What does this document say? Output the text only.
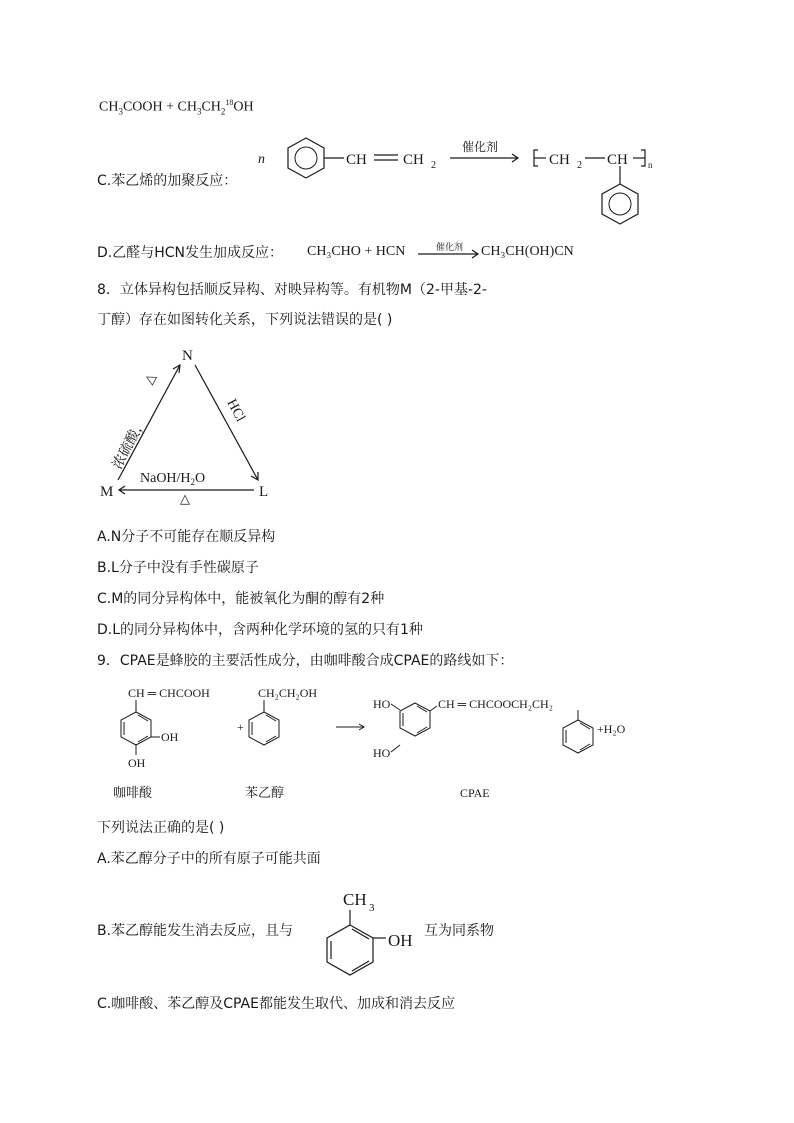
$CH_3COOH + CH_3CH_2^{18}OH$
C.苯乙烯的加聚反应：
n	CH CH 2
催化剂
CH 2 CH n
D.乙醛与HCN发生加成反应： CH₃CHO + HCN	催化剂 CH₃CH(OH)CN
8．立体异构包括顺反异构、对映异构等。有机物M（2-甲基-2-
丁醇）存在如图转化关系，下列说法错误的是( )
N
M	L
浓硫酸，
△
HCl
NaOH/$H_2O$
△
A.N分子不可能存在顺反异构
B.L分子中没有手性碳原子
C.M的同分异构体中，能被氧化为酮的醇有2种
D.L的同分异构体中，含两种化学环境的氢的只有1种
9．CPAE是蜂胶的主要活性成分，由咖啡酸合成CPAE的路线如下：
CH ═ CHCOOH
OH
OH
+
CH₂CH₂OH
HO
HO
CH ═ CHCOOCH₂CH₂
+H₂O
咖啡酸	苯乙醇	CPAE
下列说法正确的是( )
A.苯乙醇分子中的所有原子可能共面
B.苯乙醇能发生消去反应，且与
CH 3
OH 互为同系物
C.咖啡酸、苯乙醇及CPAE都能发生取代、加成和消去反应
